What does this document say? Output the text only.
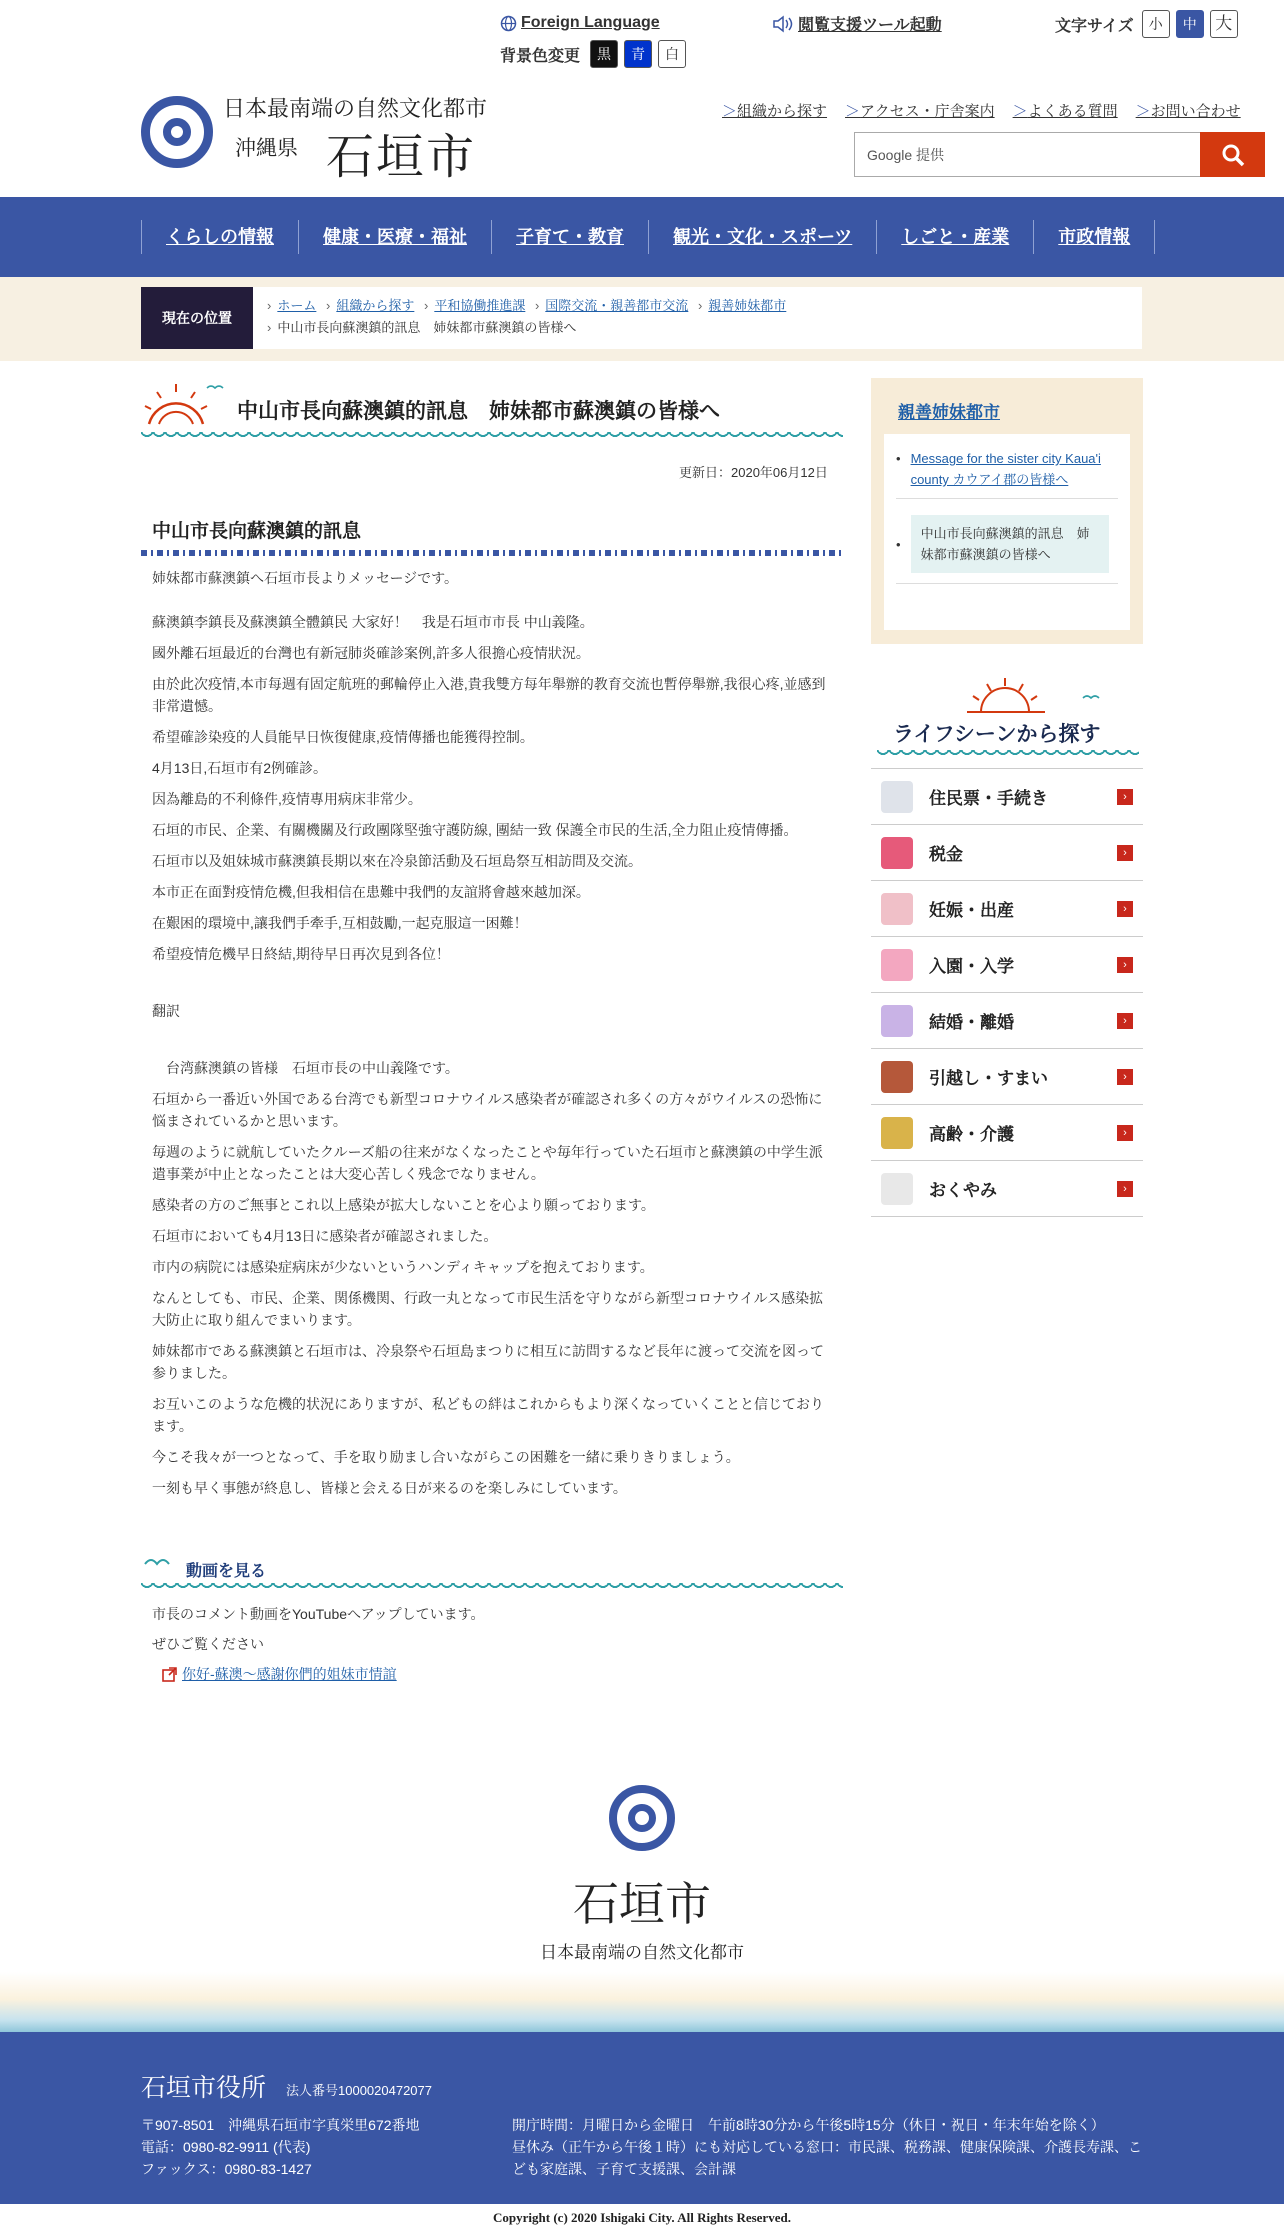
Foreign Language	閲覧支援ツール起動	文字サイズ	小	中	大
背景色変更	黒	青	白
日本最南端の自然文化都市
沖縄県 石垣市
＞組織から探す ＞アクセス・庁舎案内 ＞よくある質問 ＞お問い合わせ
Google 提供
くらしの情報	健康・医療・福祉	子育て・教育	観光・文化・スポーツ	しごと・産業	市政情報
現在の位置
› ホーム › 組織から探す › 平和協働推進課 › 国際交流・親善都市交流 › 親善姉妹都市
› 中山市長向蘇澳鎮的訊息　姉妹都市蘇澳鎮の皆様へ
中山市長向蘇澳鎮的訊息　姉妹都市蘇澳鎮の皆様へ
更新日：2020年06月12日
中山市長向蘇澳鎮的訊息

姉妹都市蘇澳鎮へ石垣市長よりメッセージです。

蘇澳鎮李鎮長及蘇澳鎮全體鎮民 大家好！　我是石垣市市長 中山義隆。

國外離石垣最近的台灣也有新冠肺炎確診案例,許多人很擔心疫情狀況。

由於此次疫情,本市每週有固定航班的郵輪停止入港,貴我雙方每年舉辦的教育交流也暫停舉辦,我很心疼,並感到非常遺憾。

希望確診染疫的人員能早日恢復健康,疫情傳播也能獲得控制。

4月13日,石垣市有2例確診。

因為離島的不利條件,疫情專用病床非常少。

石垣的市民、企業、有關機關及行政團隊堅強守護防線, 團結一致 保護全市民的生活,全力阻止疫情傳播。

石垣市以及姐妹城市蘇澳鎮長期以來在冷泉節活動及石垣島祭互相訪問及交流。

本市正在面對疫情危機,但我相信在患難中我們的友誼將會越來越加深。

在艱困的環境中,讓我們手牽手,互相鼓勵,一起克服這一困難！

希望疫情危機早日終結,期待早日再次見到各位！

翻訳

　台湾蘇澳鎮の皆様　石垣市長の中山義隆です。

石垣から一番近い外国である台湾でも新型コロナウイルス感染者が確認され多くの方々がウイルスの恐怖に悩まされているかと思います。

毎週のように就航していたクルーズ船の往来がなくなったことや毎年行っていた石垣市と蘇澳鎮の中学生派遣事業が中止となったことは大変心苦しく残念でなりません。

感染者の方のご無事とこれ以上感染が拡大しないことを心より願っております。

石垣市においても4月13日に感染者が確認されました。

市内の病院には感染症病床が少ないというハンディキャップを抱えております。

なんとしても、市民、企業、関係機関、行政一丸となって市民生活を守りながら新型コロナウイルス感染拡大防止に取り組んでまいります。

姉妹都市である蘇澳鎮と石垣市は、冷泉祭や石垣島まつりに相互に訪問するなど長年に渡って交流を図って参りました。

お互いこのような危機的状況にありますが、私どもの絆はこれからもより深くなっていくことと信じております。

今こそ我々が一つとなって、手を取り励まし合いながらこの困難を一緒に乗りきりましょう。

一刻も早く事態が終息し、皆様と会える日が来るのを楽しみにしています。

動画を見る
市長のコメント動画をYouTubeへアップしています。
ぜひご覧ください
你好-蘇澳～感謝你們的姐妹市情誼
親善姉妹都市
• Message for the sister city Kaua'i county カウアイ郡の皆様へ
•
中山市長向蘇澳鎮的訊息　姉妹都市蘇澳鎮の皆様へ
ライフシーンから探す
住民票・手続き	›
税金	›
妊娠・出産	›
入園・入学	›
結婚・離婚	›
引越し・すまい	›
高齢・介護	›
おくやみ	›
石垣市
日本最南端の自然文化都市
石垣市役所 法人番号1000020472077
〒907-8501　沖縄県石垣市字真栄里672番地
電話：0980-82-9911 (代表)
ファックス：0980-83-1427
開庁時間：月曜日から金曜日　午前8時30分から午後5時15分（休日・祝日・年末年始を除く）
昼休み（正午から午後１時）にも対応している窓口：市民課、税務課、健康保険課、介護長寿課、こども家庭課、子育て支援課、会計課
Copyright (c) 2020 Ishigaki City. All Rights Reserved.
